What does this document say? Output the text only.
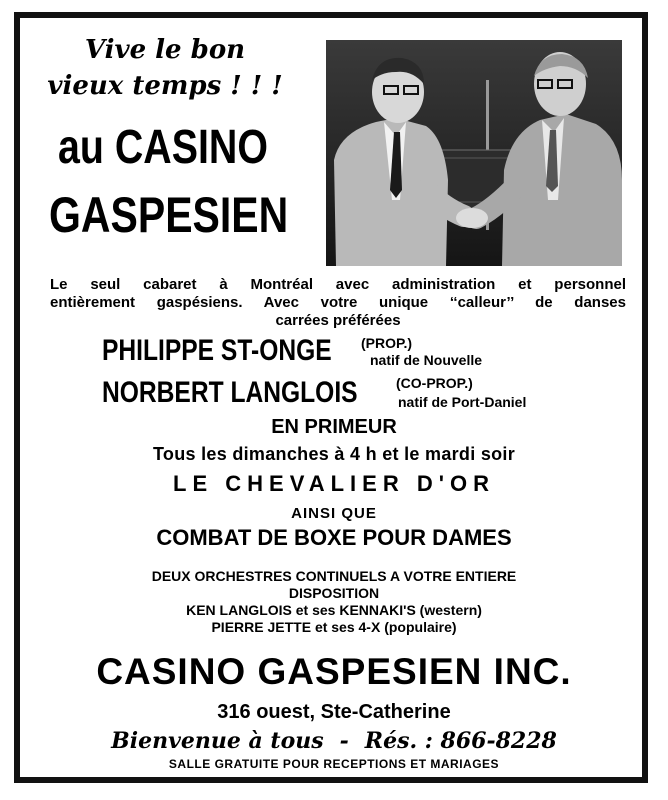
Vive le bon

vieux temps ! ! !

au CASINO

GASPESIEN

Le seul cabaret à Montréal avec administration et personnel
entièrement gaspésiens. Avec votre unique ‘‘calleur’’ de danses
carrées préférées

PHILIPPE ST-ONGE (PROP.)

natif de Nouvelle

NORBERT LANGLOIS	(CO-PROP.)

natif de Port-Daniel

EN PRIMEUR

Tous les dimanches à 4 h et le mardi soir

LE CHEVALIER D'OR

AINSI QUE

COMBAT DE BOXE POUR DAMES

DEUX ORCHESTRES CONTINUELS A VOTRE ENTIERE

DISPOSITION

KEN LANGLOIS et ses KENNAKI'S (western)

PIERRE JETTE et ses 4-X (populaire)

CASINO GASPESIEN INC.

316 ouest, Ste-Catherine

Bienvenue à tous - Rés. : 866-8228

SALLE GRATUITE POUR RECEPTIONS ET MARIAGES
